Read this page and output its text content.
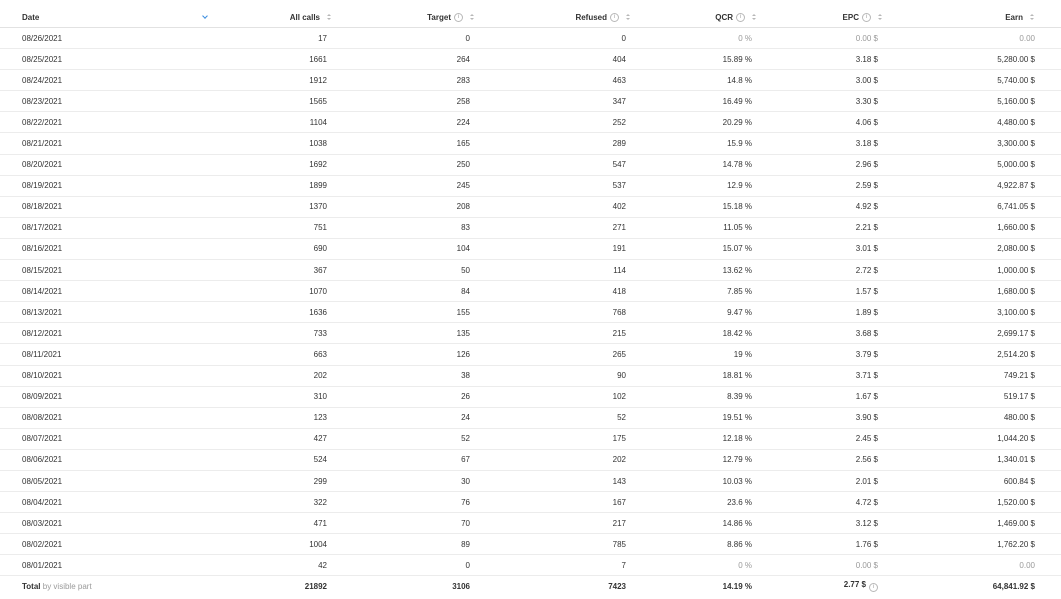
Date	All calls	Target i	Refused i	QCR i	EPC i	Earn

08/26/2021	17	0	0	0 %	0.00 $	0.00
08/25/2021	1661	264	404	15.89 %	3.18 $	5,280.00 $
08/24/2021	1912	283	463	14.8 %	3.00 $	5,740.00 $
08/23/2021	1565	258	347	16.49 %	3.30 $	5,160.00 $
08/22/2021	1104	224	252	20.29 %	4.06 $	4,480.00 $
08/21/2021	1038	165	289	15.9 %	3.18 $	3,300.00 $
08/20/2021	1692	250	547	14.78 %	2.96 $	5,000.00 $
08/19/2021	1899	245	537	12.9 %	2.59 $	4,922.87 $
08/18/2021	1370	208	402	15.18 %	4.92 $	6,741.05 $
08/17/2021	751	83	271	11.05 %	2.21 $	1,660.00 $
08/16/2021	690	104	191	15.07 %	3.01 $	2,080.00 $
08/15/2021	367	50	114	13.62 %	2.72 $	1,000.00 $
08/14/2021	1070	84	418	7.85 %	1.57 $	1,680.00 $
08/13/2021	1636	155	768	9.47 %	1.89 $	3,100.00 $
08/12/2021	733	135	215	18.42 %	3.68 $	2,699.17 $
08/11/2021	663	126	265	19 %	3.79 $	2,514.20 $
08/10/2021	202	38	90	18.81 %	3.71 $	749.21 $
08/09/2021	310	26	102	8.39 %	1.67 $	519.17 $
08/08/2021	123	24	52	19.51 %	3.90 $	480.00 $
08/07/2021	427	52	175	12.18 %	2.45 $	1,044.20 $
08/06/2021	524	67	202	12.79 %	2.56 $	1,340.01 $
08/05/2021	299	30	143	10.03 %	2.01 $	600.84 $
08/04/2021	322	76	167	23.6 %	4.72 $	1,520.00 $
08/03/2021	471	70	217	14.86 %	3.12 $	1,469.00 $
08/02/2021	1004	89	785	8.86 %	1.76 $	1,762.20 $
08/01/2021	42	0	7	0 %	0.00 $	0.00
Total by visible part	21892	3106	7423	14.19 %	2.77 $ i	64,841.92 $
